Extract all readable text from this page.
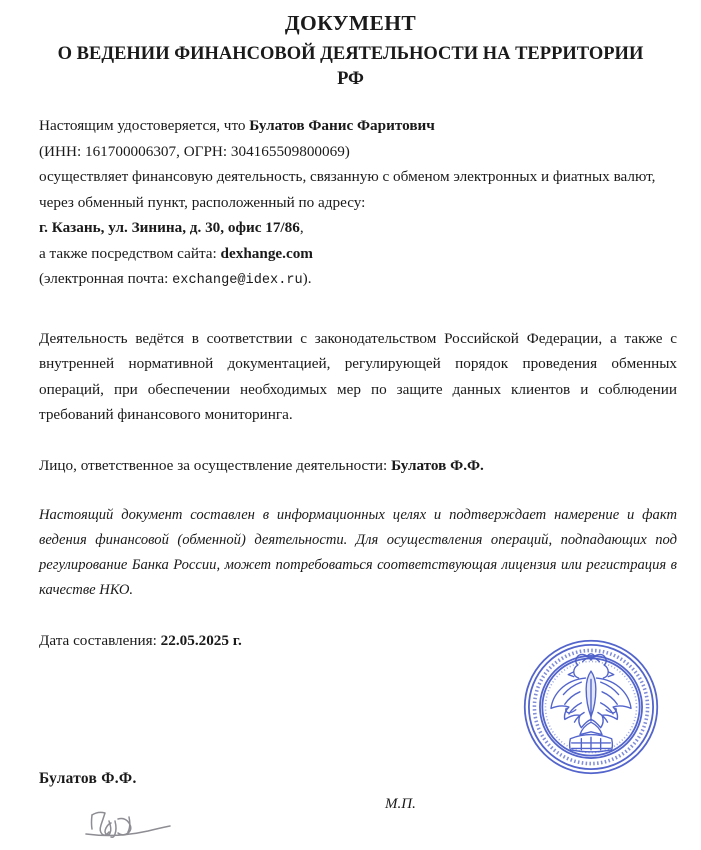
ДОКУМЕНТ
О ВЕДЕНИИ ФИНАНСОВОЙ ДЕЯТЕЛЬНОСТИ НА ТЕРРИТОРИИ РФ
Настоящим удостоверяется, что Булатов Фанис Фаритович
(ИНН: 161700006307, ОГРН: 304165509800069)
осуществляет финансовую деятельность, связанную с обменом электронных и фиатных валют,
через обменный пункт, расположенный по адресу:
г. Казань, ул. Зинина, д. 30, офис 17/86,
а также посредством сайта: dexhange.com
(электронная почта: exchange@idex.ru).

Деятельность ведётся в соответствии с законодательством Российской Федерации, а также с внутренней нормативной документацией, регулирующей порядок проведения обменных операций, при обеспечении необходимых мер по защите данных клиентов и соблюдении требований финансового мониторинга.

Лицо, ответственное за осуществление деятельности: Булатов Ф.Ф.

Настоящий документ составлен в информационных целях и подтверждает намерение и факт ведения финансовой (обменной) деятельности. Для осуществления операций, подпадающих под регулирование Банка России, может потребоваться соответствующая лицензия или регистрация в качестве НКО.

Дата составления: 22.05.2025 г.
Булатов Ф.Ф.
М.П.
